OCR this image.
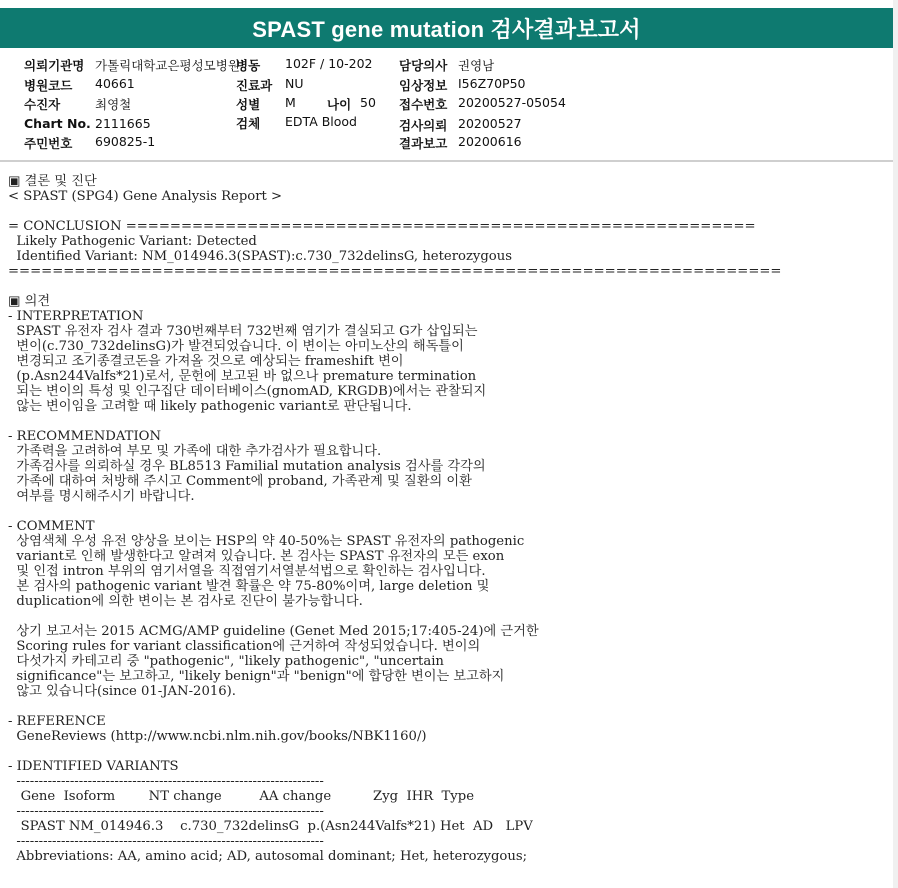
SPAST gene mutation 검사결과보고서
의뢰기관명 가톨릭대학교은평성모병원
병원코드 40661
수진자	최영철
Chart No. 2111665
주민번호 690825-1
병동 102F / 10-202
진료과 NU
성별 M 나이 50
검체 EDTA Blood
담당의사 권영남
임상정보 I56Z70P50
접수번호 20200527-05054
검사의뢰 20200527
결과보고 20200616
▣ 결론 및 진단
< SPAST (SPG4) Gene Analysis Report >
= CONCLUSION =========================================================
Likely Pathogenic Variant: Detected
Identified Variant: NM_014946.3(SPAST):c.730_732delinsG, heterozygous
======================================================================
▣ 의견
- INTERPRETATION
SPAST 유전자 검사 결과 730번째부터 732번째 염기가 결실되고 G가 삽입되는
변이(c.730_732delinsG)가 발견되었습니다. 이 변이는 아미노산의 해독틀이
변경되고 조기종결코돈을 가져올 것으로 예상되는 frameshift 변이
(p.Asn244Valfs*21)로서, 문헌에 보고된 바 없으나 premature termination
되는 변이의 특성 및 인구집단 데이터베이스(gnomAD, KRGDB)에서는 관찰되지
않는 변이임을 고려할 때 likely pathogenic variant로 판단됩니다.
- RECOMMENDATION
가족력을 고려하여 부모 및 가족에 대한 추가검사가 필요합니다.
가족검사를 의뢰하실 경우 BL8513 Familial mutation analysis 검사를 각각의
가족에 대하여 처방해 주시고 Comment에 proband, 가족관계 및 질환의 이환
여부를 명시해주시기 바랍니다.
- COMMENT
상염색체 우성 유전 양상을 보이는 HSP의 약 40-50%는 SPAST 유전자의 pathogenic
variant로 인해 발생한다고 알려져 있습니다. 본 검사는 SPAST 유전자의 모든 exon
및 인접 intron 부위의 염기서열을 직접염기서열분석법으로 확인하는 검사입니다.
본 검사의 pathogenic variant 발견 확률은 약 75-80%이며, large deletion 및
duplication에 의한 변이는 본 검사로 진단이 불가능합니다.
상기 보고서는 2015 ACMG/AMP guideline (Genet Med 2015;17:405-24)에 근거한
Scoring rules for variant classification에 근거하여 작성되었습니다. 변이의
다섯가지 카테고리 중 "pathogenic", "likely pathogenic", "uncertain
significance"는 보고하고, "likely benign"과 "benign"에 합당한 변이는 보고하지
않고 있습니다(since 01-JAN-2016).
- REFERENCE
GeneReviews (http://www.ncbi.nlm.nih.gov/books/NBK1160/)
- IDENTIFIED VARIANTS
---------------------------------------------------------------------
Gene  Isoform        NT change         AA change          Zyg  IHR  Type
---------------------------------------------------------------------
SPAST NM_014946.3    c.730_732delinsG  p.(Asn244Valfs*21) Het  AD   LPV
---------------------------------------------------------------------
Abbreviations: AA, amino acid; AD, autosomal dominant; Het, heterozygous;
